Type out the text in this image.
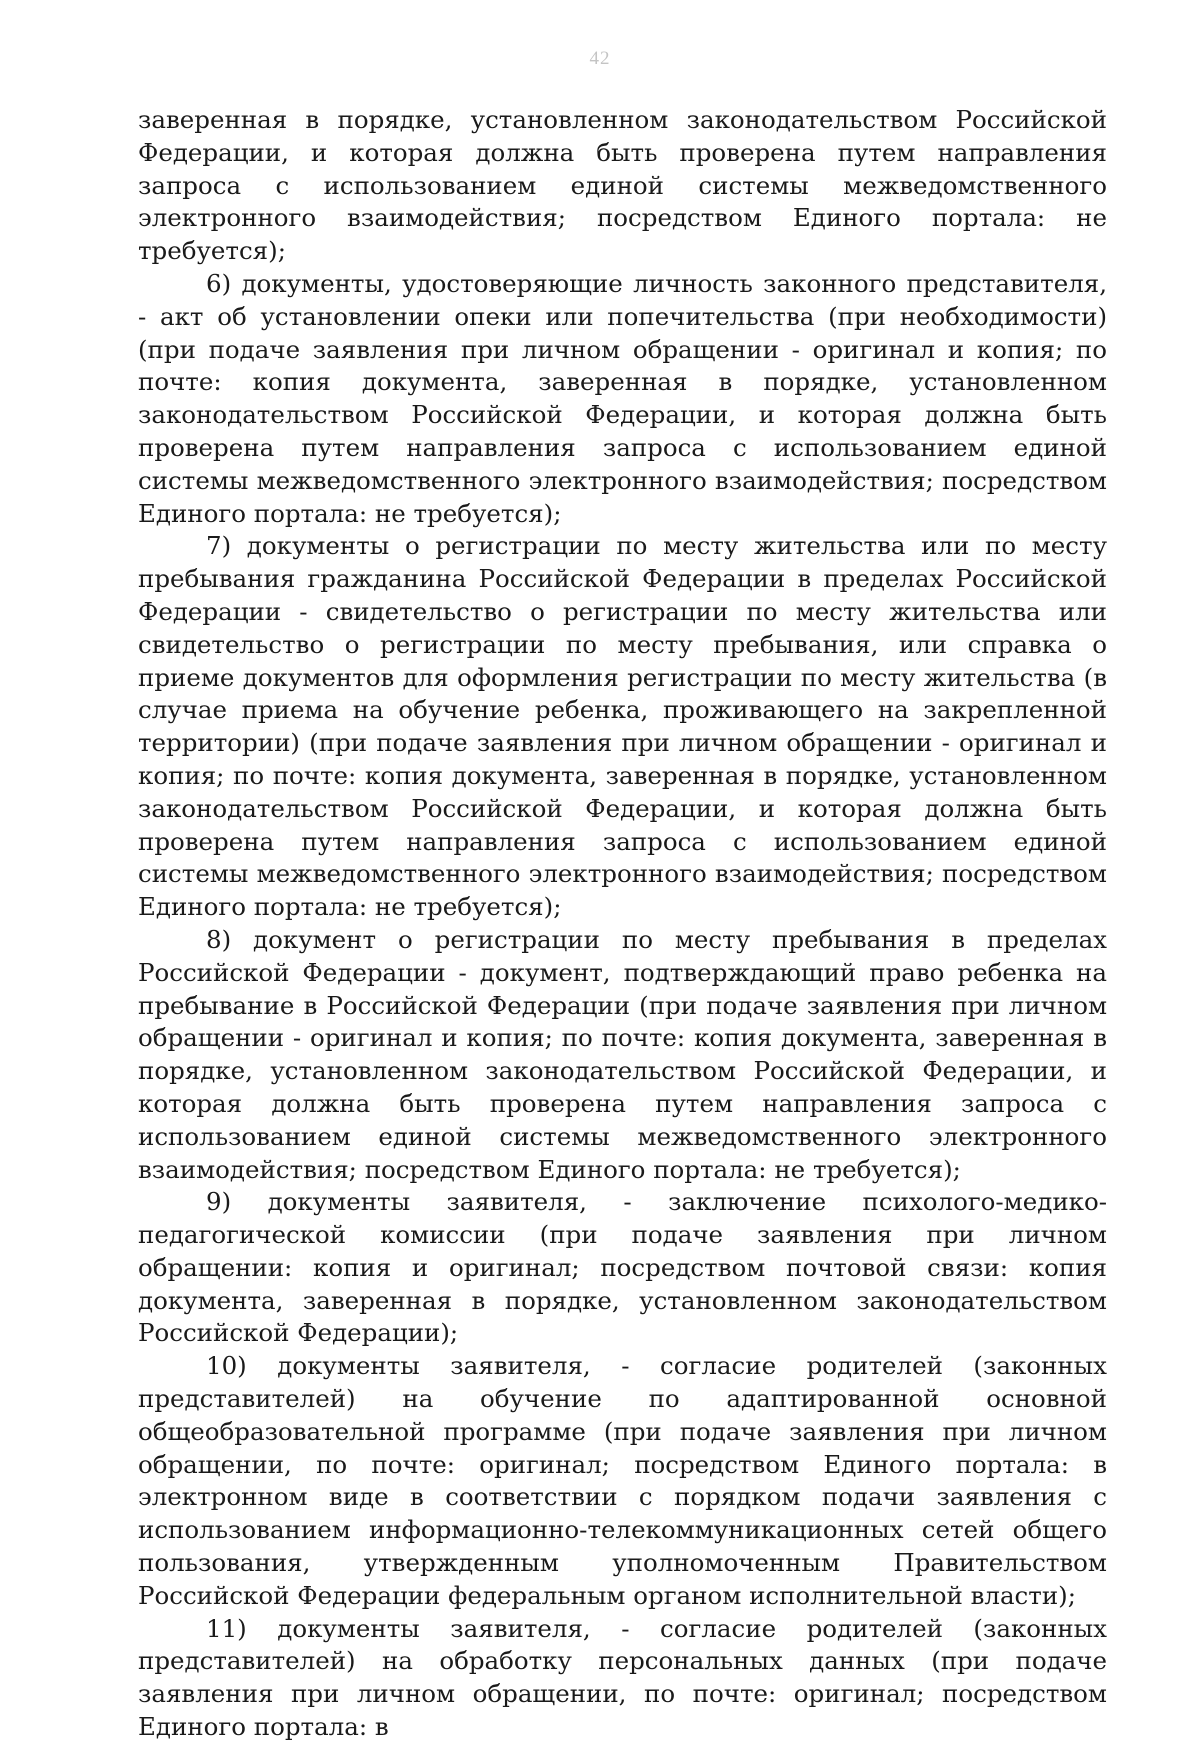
42

заверенная в порядке, установленном законодательством Российской Федерации, и которая должна быть проверена путем направления запроса с использованием единой системы межведомственного электронного взаимодействия; посредством Единого портала: не требуется);

6) документы, удостоверяющие личность законного представителя, - акт об установлении опеки или попечительства (при необходимости) (при подаче заявления при личном обращении - оригинал и копия; по почте: копия документа, заверенная в порядке, установленном законодательством Российской Федерации, и которая должна быть проверена путем направления запроса с использованием единой системы межведомственного электронного взаимодействия; посредством Единого портала: не требуется);

7) документы о регистрации по месту жительства или по месту пребывания гражданина Российской Федерации в пределах Российской Федерации - свидетельство о регистрации по месту жительства или свидетельство о регистрации по месту пребывания, или справка о приеме документов для оформления регистрации по месту жительства (в случае приема на обучение ребенка, проживающего на закрепленной территории) (при подаче заявления при личном обращении - оригинал и копия; по почте: копия документа, заверенная в порядке, установленном законодательством Российской Федерации, и которая должна быть проверена путем направления запроса с использованием единой системы межведомственного электронного взаимодействия; посредством Единого портала: не требуется);

8) документ о регистрации по месту пребывания в пределах Российской Федерации - документ, подтверждающий право ребенка на пребывание в Российской Федерации (при подаче заявления при личном обращении - оригинал и копия; по почте: копия документа, заверенная в порядке, установленном законодательством Российской Федерации, и которая должна быть проверена путем направления запроса с использованием единой системы межведомственного электронного взаимодействия; посредством Единого портала: не требуется);

9) документы заявителя, - заключение психолого-медико-педагогической комиссии (при подаче заявления при личном обращении: копия и оригинал; посредством почтовой связи: копия документа, заверенная в порядке, установленном законодательством Российской Федерации);

10) документы заявителя, - согласие родителей (законных представителей) на обучение по адаптированной основной общеобразовательной программе (при подаче заявления при личном обращении, по почте: оригинал; посредством Единого портала: в электронном виде в соответствии с порядком подачи заявления с использованием информационно-телекоммуникационных сетей общего пользования, утвержденным уполномоченным Правительством Российской Федерации федеральным органом исполнительной власти);

11) документы заявителя, - согласие родителей (законных представителей) на обработку персональных данных (при подаче заявления при личном обращении, по почте: оригинал; посредством Единого портала: в
